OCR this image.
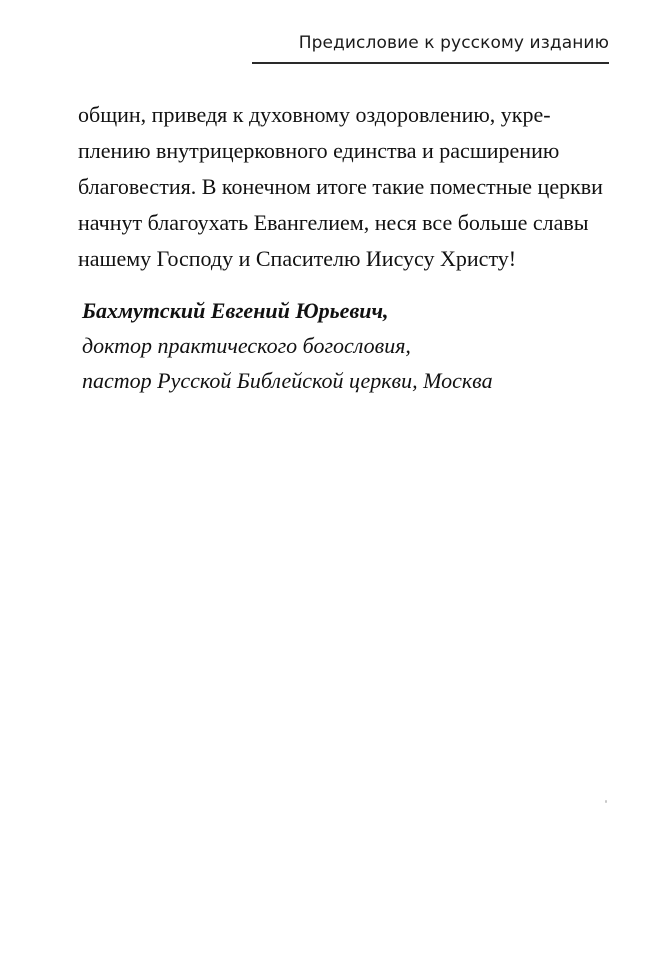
Предисловие к русскому изданию
общин, приведя к духовному оздоровлению, укре-
плению внутрицерковного единства и расширению
благовестия. В конечном итоге такие поместные церкви
начнут благоухать Евангелием, неся все больше славы
нашему Господу и Спасителю Иисусу Христу!
Бахмутский Евгений Юрьевич,
доктор практического богословия,
пастор Русской Библейской церкви, Москва
